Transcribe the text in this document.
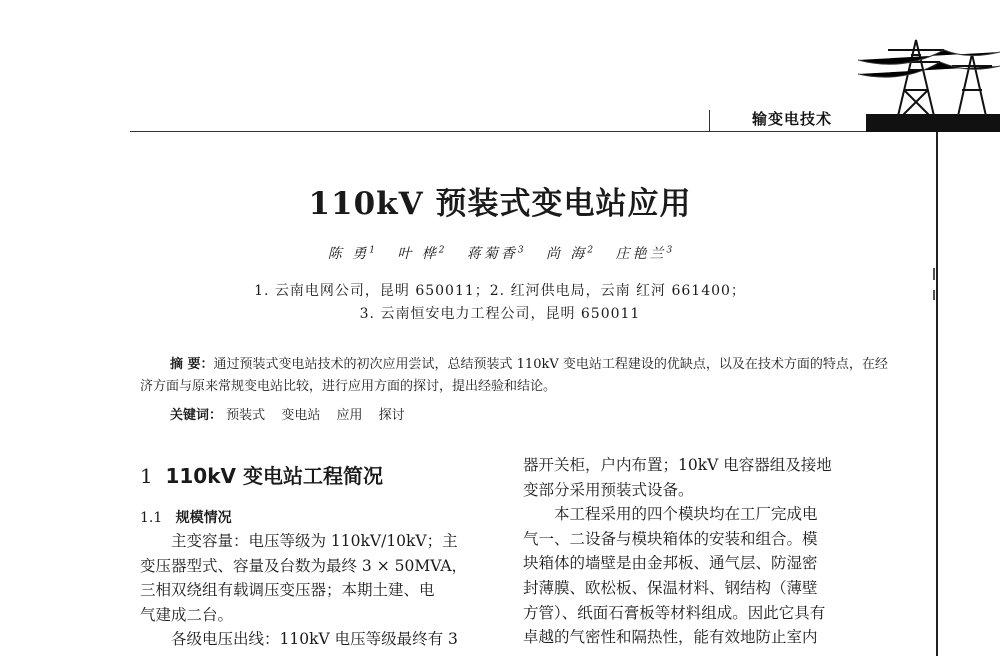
输变电技术
110kV 预装式变电站应用
陈 勇$^1$ 叶 桦$^2$ 蒋菊香$^3$ 尚 海$^2$ 庄艳兰$^3$
1. 云南电网公司，昆明 650011；2. 红河供电局，云南 红河 661400；
3. 云南恒安电力工程公司，昆明 650011
摘 要：通过预装式变电站技术的初次应用尝试，总结预装式 110kV 变电站工程建设的优缺点，以及在技术方面的特点，在经济方面与原来常规变电站比较，进行应用方面的探讨，提出经验和结论。
关键词： 预装式 变电站 应用 探讨
1 110kV 变电站工程简况
1.1 规模情况

主变容量：电压等级为 110kV/10kV；主

变压器型式、容量及台数为最终 3 × 50MVA，

三相双绕组有载调压变压器；本期土建、电

气建成二台。

各级电压出线：110kV 电压等级最终有 3

器开关柜，户内布置；10kV 电容器组及接地

变部分采用预装式设备。

本工程采用的四个模块均在工厂完成电

气一、二设备与模块箱体的安装和组合。模

块箱体的墙壁是由金邦板、通气层、防湿密

封薄膜、欧松板、保温材料、钢结构（薄壁

方管）、纸面石膏板等材料组成。因此它具有

卓越的气密性和隔热性，能有效地防止室内
